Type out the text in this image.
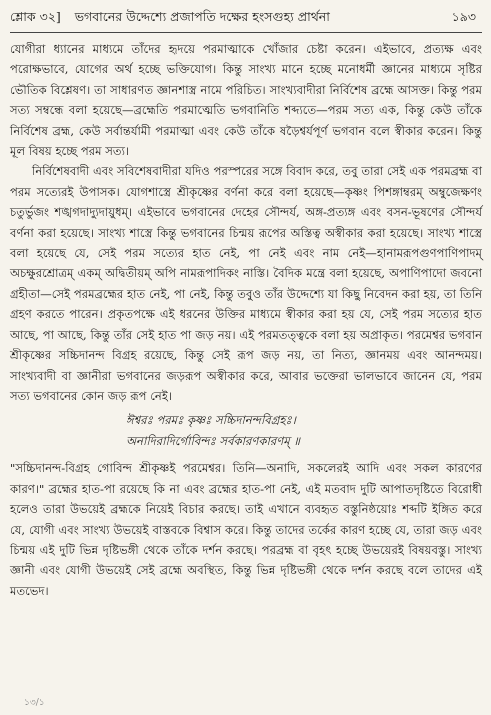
শ্লোক ৩২] ভগবানের উদ্দেশ্যে প্রজাপতি দক্ষের হংসগুহ্য প্রার্থনা	১৯৩

যোগীরা ধ্যানের মাধ্যমে তাঁদের হৃদয়ে পরমাত্মাকে খোঁজার চেষ্টা করেন। এইভাবে, প্রত্যক্ষ এবং পরোক্ষভাবে, যোগের অর্থ হচ্ছে ভক্তিযোগ। কিন্তু সাংখ্য মানে হচ্ছে মনোধর্মী জ্ঞানের মাধ্যমে সৃষ্টির ভৌতিক বিশ্লেষণ। তা সাধারণত জ্ঞানশাস্ত্র নামে পরিচিত। সাংখ্যবাদীরা নির্বিশেষ ব্রহ্মে আসক্ত। কিন্তু পরম সত্য সম্বন্ধে বলা হয়েছে—ব্রহ্মেতি পরমাত্মেতি ভগবানিতি শব্দ্যতে—পরম সত্য এক, কিন্তু কেউ তাঁকে নির্বিশেষ ব্রহ্ম, কেউ সর্বান্তর্যামী পরমাত্মা এবং কেউ তাঁকে ষড়ৈশ্বর্যপূর্ণ ভগবান বলে স্বীকার করেন। কিন্তু মূল বিষয় হচ্ছে পরম সত্য।

নির্বিশেষবাদী এবং সবিশেষবাদীরা যদিও পরস্পরের সঙ্গে বিবাদ করে, তবু তারা সেই এক পরমব্রহ্ম বা পরম সত্যেরই উপাসক। যোগশাস্ত্রে শ্রীকৃষ্ণের বর্ণনা করে বলা হয়েছে—কৃষ্ণং পিশঙ্গাম্বরম্ অম্বুজেক্ষণং চতুর্ভুজং শঙ্খগদাদ্যুদায়ুধম্। এইভাবে ভগবানের দেহের সৌন্দর্য, অঙ্গ-প্রত্যঙ্গ এবং বসন-ভূষণের সৌন্দর্য বর্ণনা করা হয়েছে। সাংখ্য শাস্ত্রে কিন্তু ভগবানের চিন্ময় রূপের অস্তিত্ব অস্বীকার করা হয়েছে। সাংখ্য শাস্ত্রে বলা হয়েছে যে, সেই পরম সত্যের হাত নেই, পা নেই এবং নাম নেই—হানামরূপগুণপাণিপাদম্ অচক্ষুরশ্রোত্রম্ একম্ অদ্বিতীয়ম্ অপি নামরূপাদিকং নাস্তি। বৈদিক মন্ত্রে বলা হয়েছে, অপাণিপাদো জবনো গ্রহীতা—সেই পরমব্রহ্মের হাত নেই, পা নেই, কিন্তু তবুও তাঁর উদ্দেশ্যে যা কিছু নিবেদন করা হয়, তা তিনি গ্রহণ করতে পারেন। প্রকৃতপক্ষে এই ধরনের উক্তির মাধ্যমে স্বীকার করা হয় যে, সেই পরম সত্যের হাত আছে, পা আছে, কিন্তু তাঁর সেই হাত পা জড় নয়। এই পরমতত্ত্বকে বলা হয় অপ্রাকৃত। পরমেশ্বর ভগবান শ্রীকৃষ্ণের সচ্চিদানন্দ বিগ্রহ রয়েছে, কিন্তু সেই রূপ জড় নয়, তা নিত্য, জ্ঞানময় এবং আনন্দময়। সাংখ্যবাদী বা জ্ঞানীরা ভগবানের জড়রূপ অস্বীকার করে, আবার ভক্তেরা ভালভাবে জানেন যে, পরম সত্য ভগবানের কোন জড় রূপ নেই।

ঈশ্বরঃ পরমঃ কৃষ্ণঃ সচ্চিদানন্দবিগ্রহঃ।
অনাদিরাদির্গোবিন্দঃ সর্বকারণকারণম্ ॥

"সচ্চিদানন্দ-বিগ্রহ গোবিন্দ শ্রীকৃষ্ণই পরমেশ্বর। তিনি—অনাদি, সকলেরই আদি এবং সকল কারণের কারণ।" ব্রহ্মের হাত-পা রয়েছে কি না এবং ব্রহ্মের হাত-পা নেই, এই মতবাদ দুটি আপাতদৃষ্টিতে বিরোধী হলেও তারা উভয়েই ব্রহ্মকে নিয়েই বিচার করছে। তাই এখানে ব্যবহৃত বস্তুনিষ্ঠয়োঃ শব্দটি ইঙ্গিত করে যে, যোগী এবং সাংখ্য উভয়েই বাস্তবকে বিশ্বাস করে। কিন্তু তাদের তর্কের কারণ হচ্ছে যে, তারা জড় এবং চিন্ময় এই দুটি ভিন্ন দৃষ্টিভঙ্গী থেকে তাঁকে দর্শন করছে। পরব্রহ্ম বা বৃহৎ হচ্ছে উভয়েরই বিষয়বস্তু। সাংখ্য জ্ঞানী এবং যোগী উভয়েই সেই ব্রহ্মে অবস্থিত, কিন্তু ভিন্ন দৃষ্টিভঙ্গী থেকে দর্শন করছে বলে তাদের এই মতভেদ।

১৩/১
